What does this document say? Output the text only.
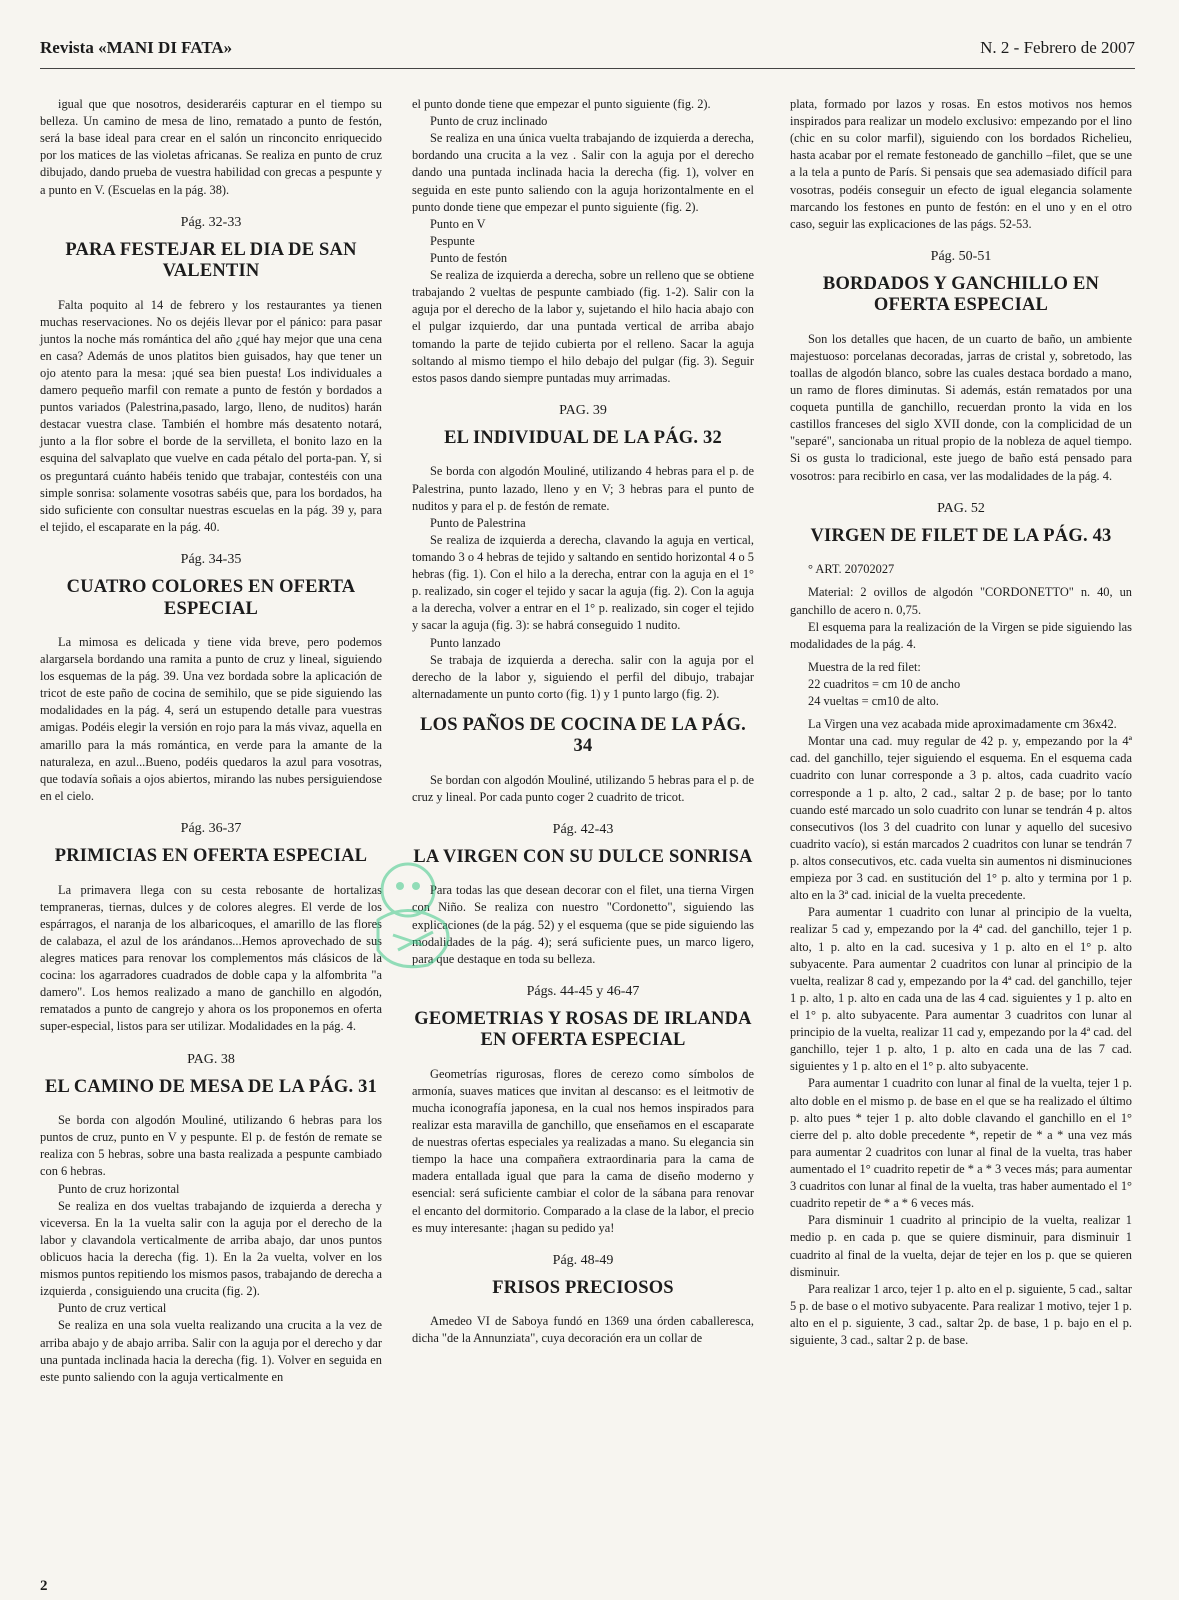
Revista «MANI DI FATA»	N. 2 - Febrero de 2007

igual que que nosotros, desideraréis capturar en el tiempo su belleza. Un camino de mesa de lino, rematado a punto de festón, será la base ideal para crear en el salón un rinconcito enriquecido por los matices de las violetas africanas. Se realiza en punto de cruz dibujado, dando prueba de vuestra habilidad con grecas a pespunte y a punto en V. (Escuelas en la pág. 38).

Pág. 32-33
PARA FESTEJAR EL DIA DE SAN VALENTIN

Falta poquito al 14 de febrero y los restaurantes ya tienen muchas reservaciones. No os dejéis llevar por el pánico: para pasar juntos la noche más romántica del año ¿qué hay mejor que una cena en casa? Además de unos platitos bien guisados, hay que tener un ojo atento para la mesa: ¡qué sea bien puesta! Los individuales a damero pequeño marfil con remate a punto de festón y bordados a puntos variados (Palestrina,pasado, largo, lleno, de nuditos) harán destacar vuestra clase. También el hombre más desatento notará, junto a la flor sobre el borde de la servilleta, el bonito lazo en la esquina del salvaplato que vuelve en cada pétalo del porta-pan. Y, si os preguntará cuánto habéis tenido que trabajar, contestéis con una simple sonrisa: solamente vosotras sabéis que, para los bordados, ha sido suficiente con consultar nuestras escuelas en la pág. 39 y, para el tejido, el escaparate en la pág. 40.

Pág. 34-35
CUATRO COLORES EN OFERTA ESPECIAL

La mimosa es delicada y tiene vida breve, pero podemos alargarsela bordando una ramita a punto de cruz y lineal, siguiendo los esquemas de la pág. 39. Una vez bordada sobre la aplicación de tricot de este paño de cocina de semihilo, que se pide siguiendo las modalidades en la pág. 4, será un estupendo detalle para vuestras amigas. Podéis elegir la versión en rojo para la más vivaz, aquella en amarillo para la más romántica, en verde para la amante de la naturaleza, en azul...Bueno, podéis quedaros la azul para vosotras, que todavía soñais a ojos abiertos, mirando las nubes persiguiendose en el cielo.

Pág. 36-37
PRIMICIAS EN OFERTA ESPECIAL

La primavera llega con su cesta rebosante de hortalizas tempraneras, tiernas, dulces y de colores alegres. El verde de los espárragos, el naranja de los albaricoques, el amarillo de las flores de calabaza, el azul de los arándanos...Hemos aprovechado de sus alegres matices para renovar los complementos más clásicos de la cocina: los agarradores cuadrados de doble capa y la alfombrita "a damero". Los hemos realizado a mano de ganchillo en algodón, rematados a punto de cangrejo y ahora os los proponemos en oferta super-especial, listos para ser utilizar. Modalidades en la pág. 4.

PAG. 38
EL CAMINO DE MESA DE LA PÁG. 31

Se borda con algodón Mouliné, utilizando 6 hebras para los puntos de cruz, punto en V y pespunte. El p. de festón de remate se realiza con 5 hebras, sobre una basta realizada a pespunte cambiado con 6 hebras.

Punto de cruz horizontal

Se realiza en dos vueltas trabajando de izquierda a derecha y viceversa. En la 1a vuelta salir con la aguja por el derecho de la labor y clavandola verticalmente de arriba abajo, dar unos puntos oblicuos hacia la derecha (fig. 1). En la 2a vuelta, volver en los mismos puntos repitiendo los mismos pasos, trabajando de derecha a izquierda , consiguiendo una crucita (fig. 2).

Punto de cruz vertical

Se realiza en una sola vuelta realizando una crucita a la vez de arriba abajo y de abajo arriba. Salir con la aguja por el derecho y dar una puntada inclinada hacia la derecha (fig. 1). Volver en seguida en este punto saliendo con la aguja verticalmente en

el punto donde tiene que empezar el punto siguiente (fig. 2).

Punto de cruz inclinado

Se realiza en una única vuelta trabajando de izquierda a derecha, bordando una crucita a la vez . Salir con la aguja por el derecho dando una puntada inclinada hacia la derecha (fig. 1), volver en seguida en este punto saliendo con la aguja horizontalmente en el punto donde tiene que empezar el punto siguiente (fig. 2).

Punto en V

Pespunte

Punto de festón

Se realiza de izquierda a derecha, sobre un relleno que se obtiene trabajando 2 vueltas de pespunte cambiado (fig. 1-2). Salir con la aguja por el derecho de la labor y, sujetando el hilo hacia abajo con el pulgar izquierdo, dar una puntada vertical de arriba abajo tomando la parte de tejido cubierta por el relleno. Sacar la aguja soltando al mismo tiempo el hilo debajo del pulgar (fig. 3). Seguir estos pasos dando siempre puntadas muy arrimadas.

PAG. 39
EL INDIVIDUAL DE LA PÁG. 32

Se borda con algodón Mouliné, utilizando 4 hebras para el p. de Palestrina, punto lazado, lleno y en V; 3 hebras para el punto de nuditos y para el p. de festón de remate.

Punto de Palestrina

Se realiza de izquierda a derecha, clavando la aguja en vertical, tomando 3 o 4 hebras de tejido y saltando en sentido horizontal 4 o 5 hebras (fig. 1). Con el hilo a la derecha, entrar con la aguja en el 1° p. realizado, sin coger el tejido y sacar la aguja (fig. 2). Con la aguja a la derecha, volver a entrar en el 1° p. realizado, sin coger el tejido y sacar la aguja (fig. 3): se habrá conseguido 1 nudito.

Punto lanzado

Se trabaja de izquierda a derecha. salir con la aguja por el derecho de la labor y, siguiendo el perfil del dibujo, trabajar alternadamente un punto corto (fig. 1) y 1 punto largo (fig. 2).

LOS PAÑOS DE COCINA DE LA PÁG. 34

Se bordan con algodón Mouliné, utilizando 5 hebras para el p. de cruz y lineal. Por cada punto coger 2 cuadrito de tricot.

Pág. 42-43
LA VIRGEN CON SU DULCE SONRISA

Para todas las que desean decorar con el filet, una tierna Virgen con Niño. Se realiza con nuestro "Cordonetto", siguiendo las explicaciones (de la pág. 52) y el esquema (que se pide siguiendo las modalidades de la pág. 4); será suficiente pues, un marco ligero, para que destaque en toda su belleza.

Págs. 44-45 y 46-47
GEOMETRIAS Y ROSAS DE IRLANDA EN OFERTA ESPECIAL

Geometrías rigurosas, flores de cerezo como símbolos de armonía, suaves matices que invitan al descanso: es el leitmotiv de mucha iconografía japonesa, en la cual nos hemos inspirados para realizar esta maravilla de ganchillo, que enseñamos en el escaparate de nuestras ofertas especiales ya realizadas a mano. Su elegancia sin tiempo la hace una compañera extraordinaria para la cama de madera entallada igual que para la cama de diseño moderno y esencial: será suficiente cambiar el color de la sábana para renovar el encanto del dormitorio. Comparado a la clase de la labor, el precio es muy interesante: ¡hagan su pedido ya!

Pág. 48-49
FRISOS PRECIOSOS

Amedeo VI de Saboya fundó en 1369 una órden caballeresca, dicha "de la Annunziata", cuya decoración era un collar de

plata, formado por lazos y rosas. En estos motivos nos hemos inspirados para realizar un modelo exclusivo: empezando por el lino (chic en su color marfil), siguiendo con los bordados Richelieu, hasta acabar por el remate festoneado de ganchillo –filet, que se une a la tela a punto de París. Si pensais que sea ademasiado difícil para vosotras, podéis conseguir un efecto de igual elegancia solamente marcando los festones en punto de festón: en el uno y en el otro caso, seguir las explicaciones de las págs. 52-53.

Pág. 50-51
BORDADOS Y GANCHILLO EN OFERTA ESPECIAL

Son los detalles que hacen, de un cuarto de baño, un ambiente majestuoso: porcelanas decoradas, jarras de cristal y, sobretodo, las toallas de algodón blanco, sobre las cuales destaca bordado a mano, un ramo de flores diminutas. Si además, están rematados por una coqueta puntilla de ganchillo, recuerdan pronto la vida en los castillos franceses del siglo XVII donde, con la complicidad de un "separé", sancionaba un ritual propio de la nobleza de aquel tiempo. Si os gusta lo tradicional, este juego de baño está pensado para vosotros: para recibirlo en casa, ver las modalidades de la pág. 4.

PAG. 52
VIRGEN DE FILET DE LA PÁG. 43

° ART. 20702027

Material: 2 ovillos de algodón "CORDONETTO" n. 40, un ganchillo de acero n. 0,75.

El esquema para la realización de la Virgen se pide siguiendo las modalidades de la pág. 4.

Muestra de la red filet:

22 cuadritos = cm 10 de ancho

24 vueltas = cm10 de alto.

La Virgen una vez acabada mide aproximadamente cm 36x42.

Montar una cad. muy regular de 42 p. y, empezando por la 4ª cad. del ganchillo, tejer siguiendo el esquema. En el esquema cada cuadrito con lunar corresponde a 3 p. altos, cada cuadrito vacío corresponde a 1 p. alto, 2 cad., saltar 2 p. de base; por lo tanto cuando esté marcado un solo cuadrito con lunar se tendrán 4 p. altos consecutivos (los 3 del cuadrito con lunar y aquello del sucesivo cuadrito vacío), si están marcados 2 cuadritos con lunar se tendrán 7 p. altos consecutivos, etc. cada vuelta sin aumentos ni disminuciones empieza por 3 cad. en sustitución del 1° p. alto y termina por 1 p. alto en la 3ª cad. inicial de la vuelta precedente.

Para aumentar 1 cuadrito con lunar al principio de la vuelta, realizar 5 cad y, empezando por la 4ª cad. del ganchillo, tejer 1 p. alto, 1 p. alto en la cad. sucesiva y 1 p. alto en el 1° p. alto subyacente. Para aumentar 2 cuadritos con lunar al principio de la vuelta, realizar 8 cad y, empezando por la 4ª cad. del ganchillo, tejer 1 p. alto, 1 p. alto en cada una de las 4 cad. siguientes y 1 p. alto en el 1° p. alto subyacente. Para aumentar 3 cuadritos con lunar al principio de la vuelta, realizar 11 cad y, empezando por la 4ª cad. del ganchillo, tejer 1 p. alto, 1 p. alto en cada una de las 7 cad. siguientes y 1 p. alto en el 1° p. alto subyacente.

Para aumentar 1 cuadrito con lunar al final de la vuelta, tejer 1 p. alto doble en el mismo p. de base en el que se ha realizado el último p. alto pues * tejer 1 p. alto doble clavando el ganchillo en el 1° cierre del p. alto doble precedente *, repetir de * a * una vez más para aumentar 2 cuadritos con lunar al final de la vuelta, tras haber aumentado el 1° cuadrito repetir de * a * 3 veces más; para aumentar 3 cuadritos con lunar al final de la vuelta, tras haber aumentado el 1° cuadrito repetir de * a * 6 veces más.

Para disminuir 1 cuadrito al principio de la vuelta, realizar 1 medio p. en cada p. que se quiere disminuir, para disminuir 1 cuadrito al final de la vuelta, dejar de tejer en los p. que se quieren disminuir.

Para realizar 1 arco, tejer 1 p. alto en el p. siguiente, 5 cad., saltar 5 p. de base o el motivo subyacente. Para realizar 1 motivo, tejer 1 p. alto en el p. siguiente, 3 cad., saltar 2p. de base, 1 p. bajo en el p. siguiente, 3 cad., saltar 2 p. de base.

2
